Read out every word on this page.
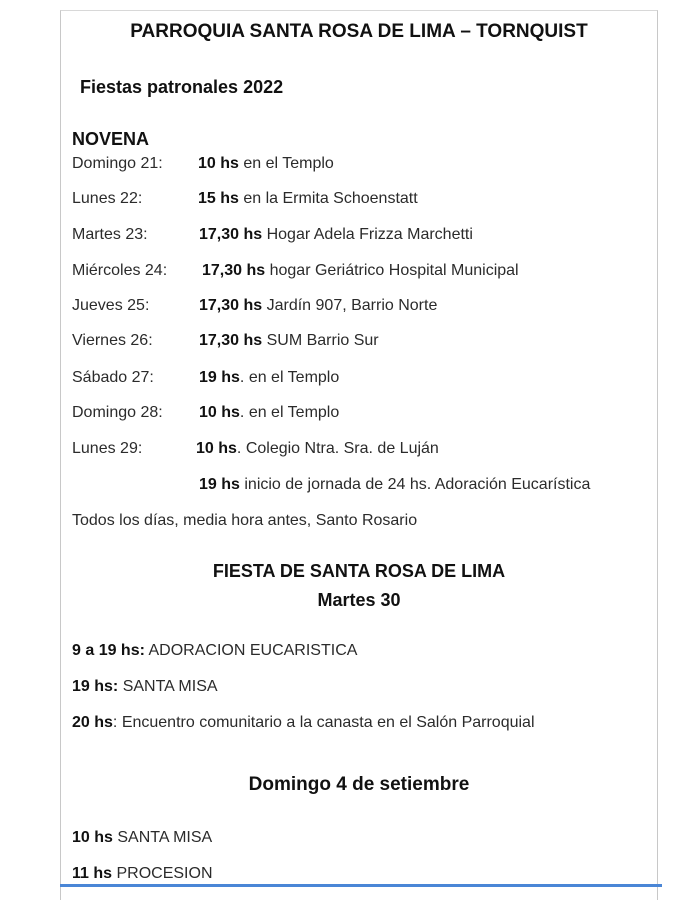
PARROQUIA SANTA ROSA DE LIMA – TORNQUIST
Fiestas patronales 2022
NOVENA
Domingo 21: 10 hs en el Templo
Lunes 22:	15 hs en la Ermita Schoenstatt
Martes 23:	17,30 hs Hogar Adela Frizza Marchetti
Miércoles 24: 17,30 hs hogar Geriátrico Hospital Municipal
Jueves 25:	17,30 hs Jardín 907, Barrio Norte
Viernes 26:	17,30 hs SUM Barrio Sur
Sábado 27:	19 hs. en el Templo
Domingo 28: 10 hs. en el Templo
Lunes 29:	10 hs. Colegio Ntra. Sra. de Luján
19 hs inicio de jornada de 24 hs. Adoración Eucarística
Todos los días, media hora antes, Santo Rosario
FIESTA DE SANTA ROSA DE LIMA
Martes 30
9 a 19 hs: ADORACION EUCARISTICA
19 hs: SANTA MISA
20 hs: Encuentro comunitario a la canasta en el Salón Parroquial
Domingo 4 de setiembre
10 hs SANTA MISA
11 hs PROCESION
